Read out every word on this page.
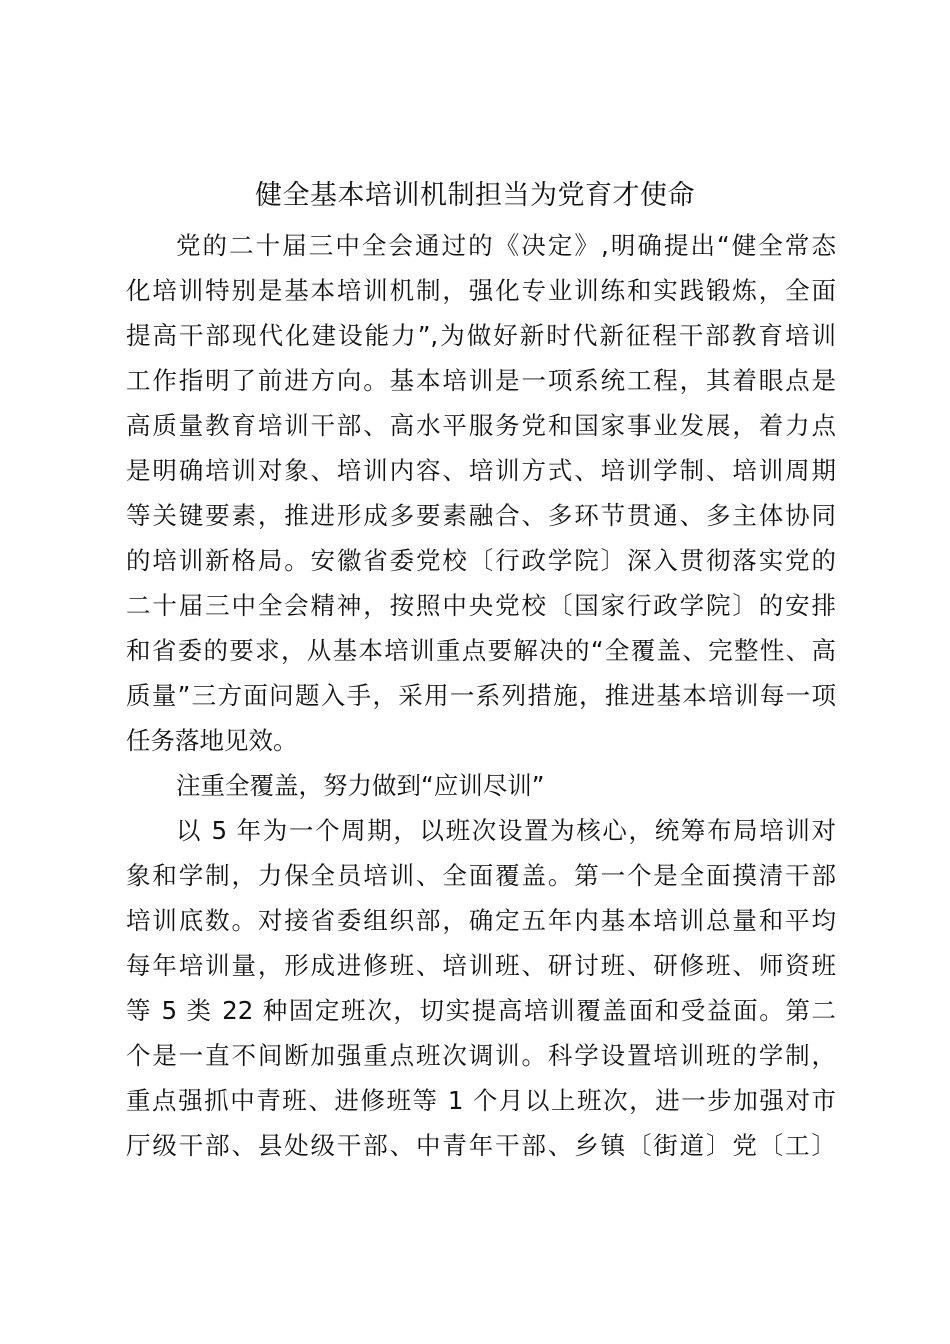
健全基本培训机制担当为党育才使命
党的二十届三中全会通过的《决定》,明确提出“健全常态
化培训特别是基本培训机制，强化专业训练和实践锻炼，全面
提高干部现代化建设能力”,为做好新时代新征程干部教育培训
工作指明了前进方向。基本培训是一项系统工程，其着眼点是
高质量教育培训干部、高水平服务党和国家事业发展，着力点
是明确培训对象、培训内容、培训方式、培训学制、培训周期
等关键要素，推进形成多要素融合、多环节贯通、多主体协同
的培训新格局。安徽省委党校〔行政学院〕深入贯彻落实党的
二十届三中全会精神，按照中央党校〔国家行政学院〕的安排
和省委的要求，从基本培训重点要解决的“全覆盖、完整性、高
质量”三方面问题入手，采用一系列措施，推进基本培训每一项
任务落地见效。
注重全覆盖，努力做到“应训尽训”
以 5 年为一个周期，以班次设置为核心，统筹布局培训对
象和学制，力保全员培训、全面覆盖。第一个是全面摸清干部
培训底数。对接省委组织部，确定五年内基本培训总量和平均
每年培训量，形成进修班、培训班、研讨班、研修班、师资班
等 5 类 22 种固定班次，切实提高培训覆盖面和受益面。第二
个是一直不间断加强重点班次调训。科学设置培训班的学制，
重点强抓中青班、进修班等 1 个月以上班次，进一步加强对市
厅级干部、县处级干部、中青年干部、乡镇〔街道〕党〔工〕
